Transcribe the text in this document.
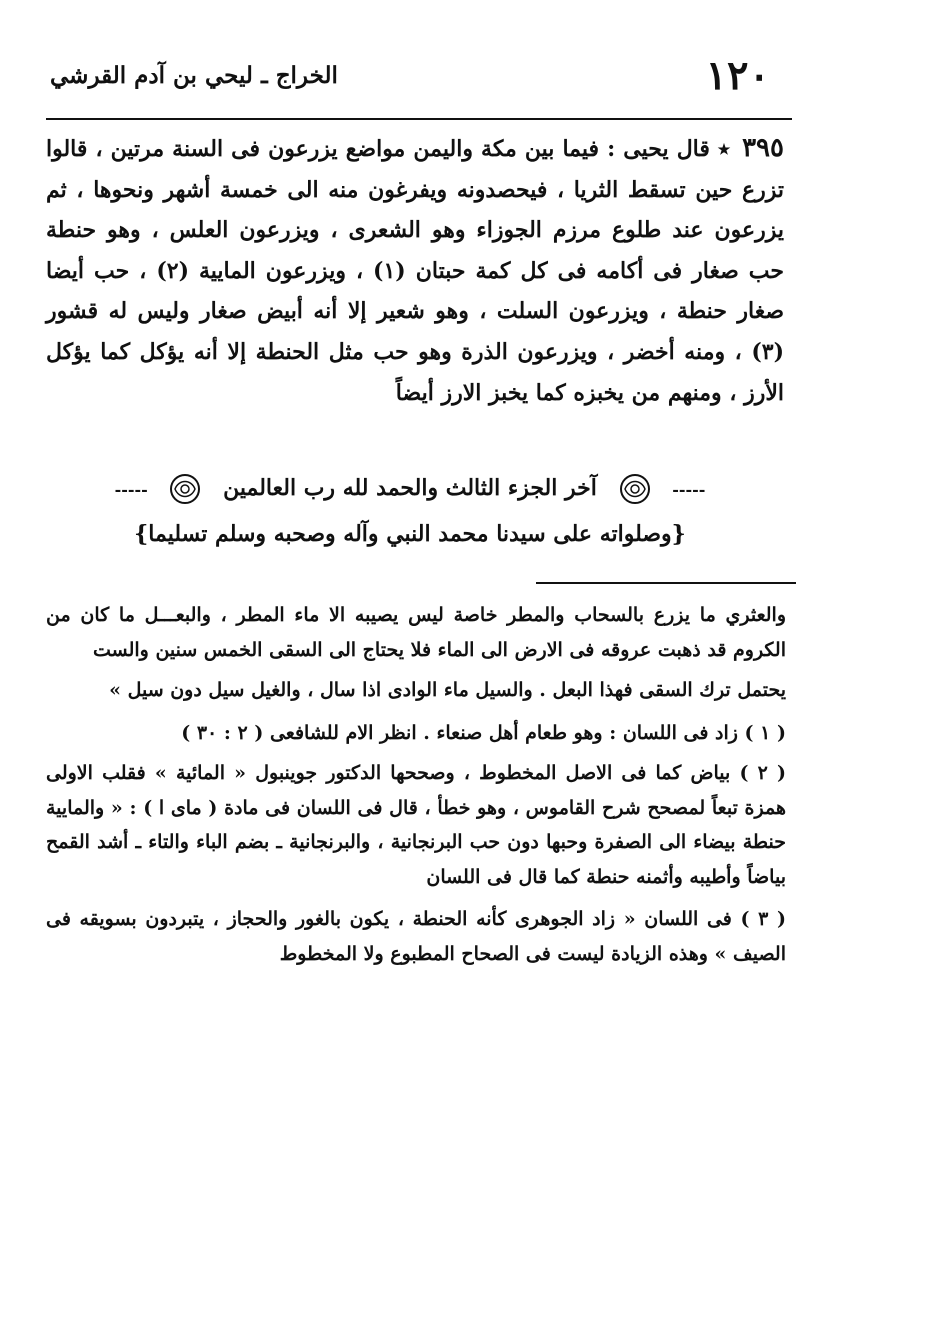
١٢٠
الخراج ـ ليحي بن آدم القرشي
٣٩٥ ٭ قال يحيى : فيما بين مكة واليمن مواضع يزرعون فى السنة مرتين ، قالوا تزرع حين تسقط الثريا ، فيحصدونه ويفرغون منه الى خمسة أشهر ونحوها ، ثم يزرعون عند طلوع مرزم الجوزاء وهو الشعرى ، ويزرعون العلس ، وهو حنطة حب صغار فى أكامه فى كل كمة حبتان (١) ، ويزرعون المايية (٢) ، حب أيضا صغار حنطة ، ويزرعون السلت ، وهو شعير إلا أنه أبيض صغار وليس له قشور (٣) ، ومنه أخضر ، ويزرعون الذرة وهو حب مثل الحنطة إلا أنه يؤكل كما يؤكل الأرز ، ومنهم من يخبزه كما يخبز الارز أيضاً
-----  آخر الجزء الثالث والحمد لله رب العالمين  -----
{وصلواته على سيدنا محمد النبي وآله وصحبه وسلم تسليما}

والعثري ما يزرع بالسحاب والمطر خاصة ليس يصيبه الا ماء المطر ، والبعـــل ما كان من الكروم قد ذهبت عروقه فى الارض الى الماء فلا يحتاج الى السقى الخمس سنين والست

يحتمل ترك السقى فهذا البعل . والسيل ماء الوادى اذا سال ، والغيل سيل دون سيل »

( ١ ) زاد فى اللسان : وهو طعام أهل صنعاء . انظر الام للشافعى ( ٢ : ٣٠ )

( ٢ ) بياض كما فى الاصل المخطوط ، وصححها الدكتور جوينبول « المائية » فقلب الاولى همزة تبعاً لمصحح شرح القاموس ، وهو خطأ ، قال فى اللسان فى مادة ( ماى ا ) : « والمايية حنطة بيضاء الى الصفرة وحبها دون حب البرنجانية ، والبرنجانية ـ بضم الباء والتاء ـ أشد القمح بياضاً وأطيبه وأثمنه حنطة كما قال فى اللسان

( ٣ ) فى اللسان « زاد الجوهرى كأنه الحنطة ، يكون بالغور والحجاز ، يتبردون بسويقه فى الصيف » وهذه الزيادة ليست فى الصحاح المطبوع ولا المخطوط
